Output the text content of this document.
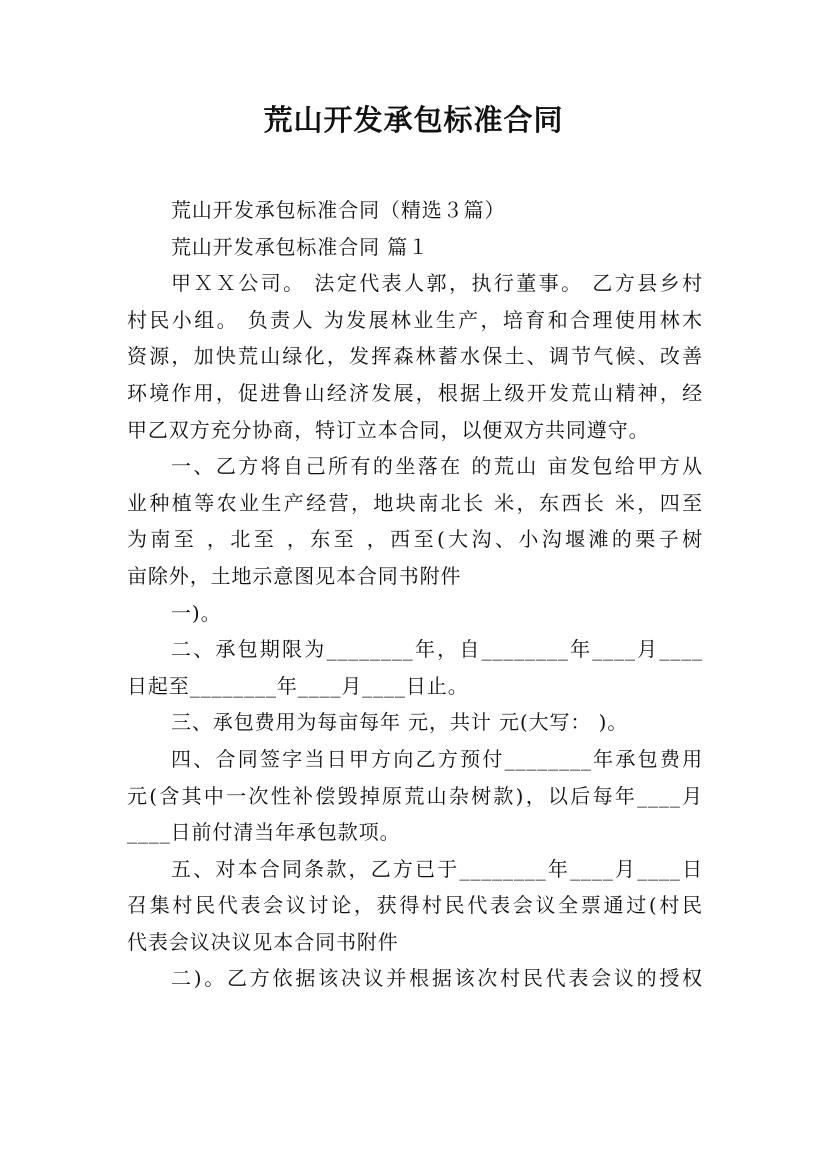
荒山开发承包标准合同
荒山开发承包标准合同（精选３篇）
荒山开发承包标准合同 篇１
甲ＸＸ公司。 法定代表人郭，执行董事。 乙方县乡村
村民小组。 负责人 为发展林业生产，培育和合理使用林木
资源，加快荒山绿化，发挥森林蓄水保土、调节气候、改善
环境作用，促进鲁山经济发展，根据上级开发荒山精神，经
甲乙双方充分协商，特订立本合同，以便双方共同遵守。
一、乙方将自己所有的坐落在 的荒山 亩发包给甲方从
业种植等农业生产经营，地块南北长 米，东西长 米，四至
为南至 ，北至 ，东至 ，西至(大沟、小沟堰滩的栗子树
亩除外，土地示意图见本合同书附件
一)。
二、承包期限为________年，自________年____月____
日起至________年____月____日止。
三、承包费用为每亩每年 元，共计 元(大写： )。
四、合同签字当日甲方向乙方预付________年承包费用
元(含其中一次性补偿毁掉原荒山杂树款)，以后每年____月
____日前付清当年承包款项。
五、对本合同条款，乙方已于________年____月____日
召集村民代表会议讨论，获得村民代表会议全票通过(村民
代表会议决议见本合同书附件
二)。乙方依据该决议并根据该次村民代表会议的授权
